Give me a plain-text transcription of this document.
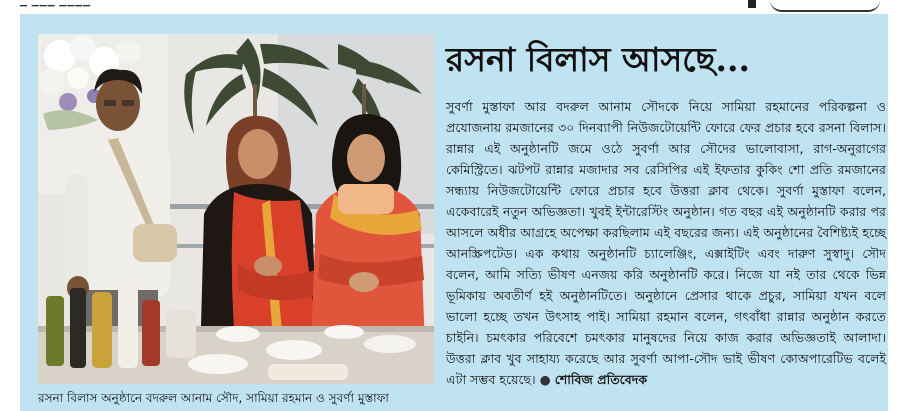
▁ ▁▁▁ ▁▁▁▁
রসনা বিলাস আসছে...
সুবর্ণা মুস্তাফা আর বদরুল আনাম সৌদকে নিয়ে সামিয়া রহমানের পরিকল্পনা ও প্রযোজনায় রমজানের ৩০ দিনব্যাপী নিউজটোয়েন্টি ফোরে ফের প্রচার হবে রসনা বিলাস। রান্নার এই অনুষ্ঠানটি জমে ওঠে সুবর্ণা আর সৌদের ভালোবাসা, রাগ-অনুরাগের কেমিস্ট্রিতে। ঝটপট রান্নার মজাদার সব রেসিপির এই ইফতার কুকিং শো প্রতি রমজানের সন্ধ্যায় নিউজটোয়েন্টি ফোরে প্রচার হবে উত্তরা ক্লাব থেকে। সুবর্ণা মুস্তাফা বলেন, একেবারেই নতুন অভিজ্ঞতা। খুবই ইন্টারেস্টিং অনুষ্ঠান। গত বছর এই অনুষ্ঠানটি করার পর আসলে অধীর আগ্রহে অপেক্ষা করছিলাম এই বছরের জন্য। এই অনুষ্ঠানের বৈশিষ্ট্যই হচ্ছে আনস্ক্রিপটেড। এক কথায় অনুষ্ঠানটি চ্যালেঞ্জিং, এক্সাইটিং এবং দারুণ সুস্বাদু। সৌদ বলেন, আমি সত্যি ভীষণ এনজয় করি অনুষ্ঠানটি করে। নিজে যা নই তার থেকে ভিন্ন ভূমিকায় অবতীর্ণ হই অনুষ্ঠানটিতে। অনুষ্ঠানে প্রেসার থাকে প্রচুর, সামিয়া যখন বলে ভালো হচ্ছে তখন উৎসাহ পাই। সামিয়া রহমান বলেন, গৎবাঁধা রান্নার অনুষ্ঠান করতে চাইনি। চমৎকার পরিবেশে চমৎকার মানুষদের নিয়ে কাজ করার অভিজ্ঞতাই আলাদা। উত্তরা ক্লাব খুব সাহায্য করেছে আর সুবর্ণা আপা-সৌদ ভাই ভীষণ কোঅপারেটিভ বলেই এটা সম্ভব হয়েছে। ● শোবিজ প্রতিবেদক
রসনা বিলাস অনুষ্ঠানে বদরুল আনাম সৌদ, সামিয়া রহমান ও সুবর্ণা মুস্তাফা
